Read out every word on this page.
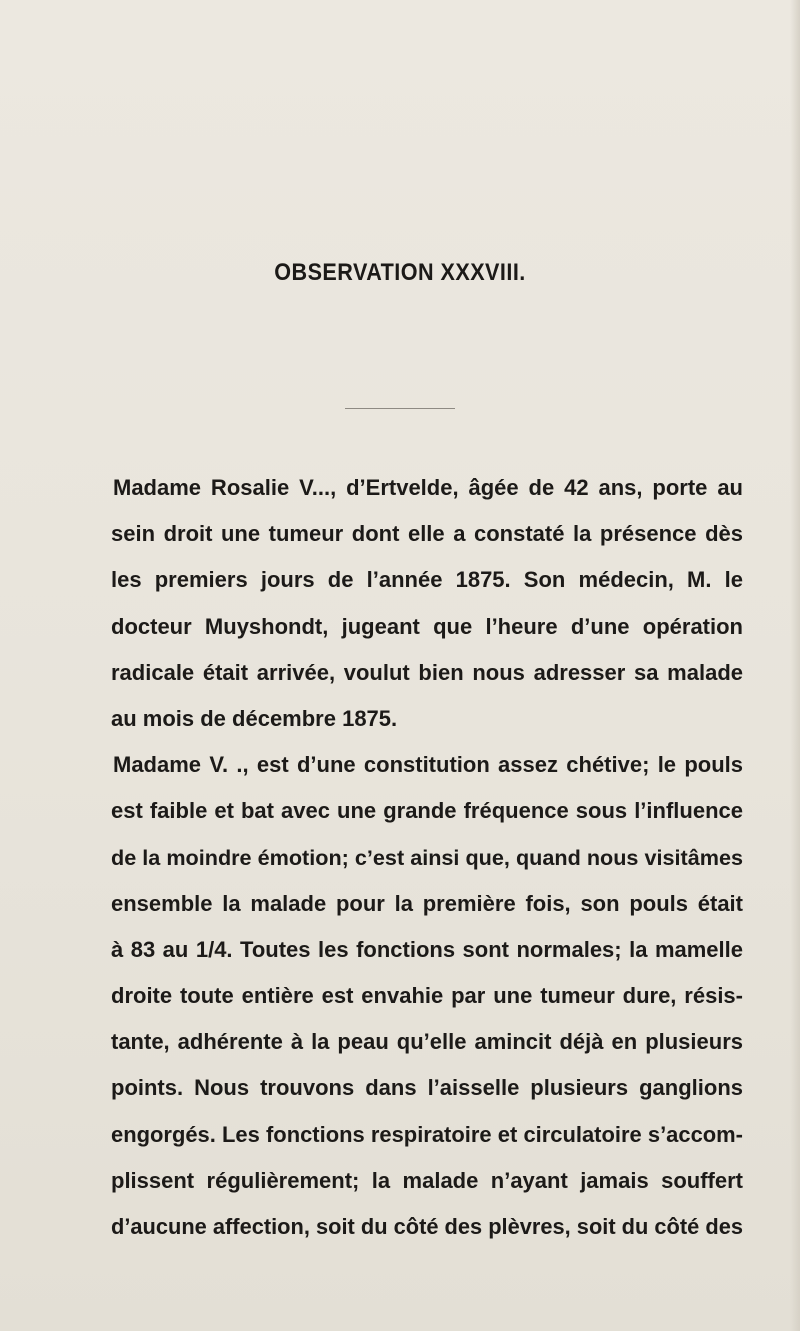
OBSERVATION XXXVIII.
Madame Rosalie V..., d’Ertvelde, âgée de 42 ans, porte au
sein droit une tumeur dont elle a constaté la présence dès
les premiers jours de l’année 1875. Son médecin, M. le
docteur Muyshondt, jugeant que l’heure d’une opération
radicale était arrivée, voulut bien nous adresser sa malade
au mois de décembre 1875.
Madame V. ., est d’une constitution assez chétive; le pouls
est faible et bat avec une grande fréquence sous l’influence
de la moindre émotion; c’est ainsi que, quand nous visitâmes
ensemble la malade pour la première fois, son pouls était
à 83 au 1/4. Toutes les fonctions sont normales; la mamelle
droite toute entière est envahie par une tumeur dure, résis-
tante, adhérente à la peau qu’elle amincit déjà en plusieurs
points. Nous trouvons dans l’aisselle plusieurs ganglions
engorgés. Les fonctions respiratoire et circulatoire s’accom-
plissent régulièrement; la malade n’ayant jamais souffert
d’aucune affection, soit du côté des plèvres, soit du côté des
